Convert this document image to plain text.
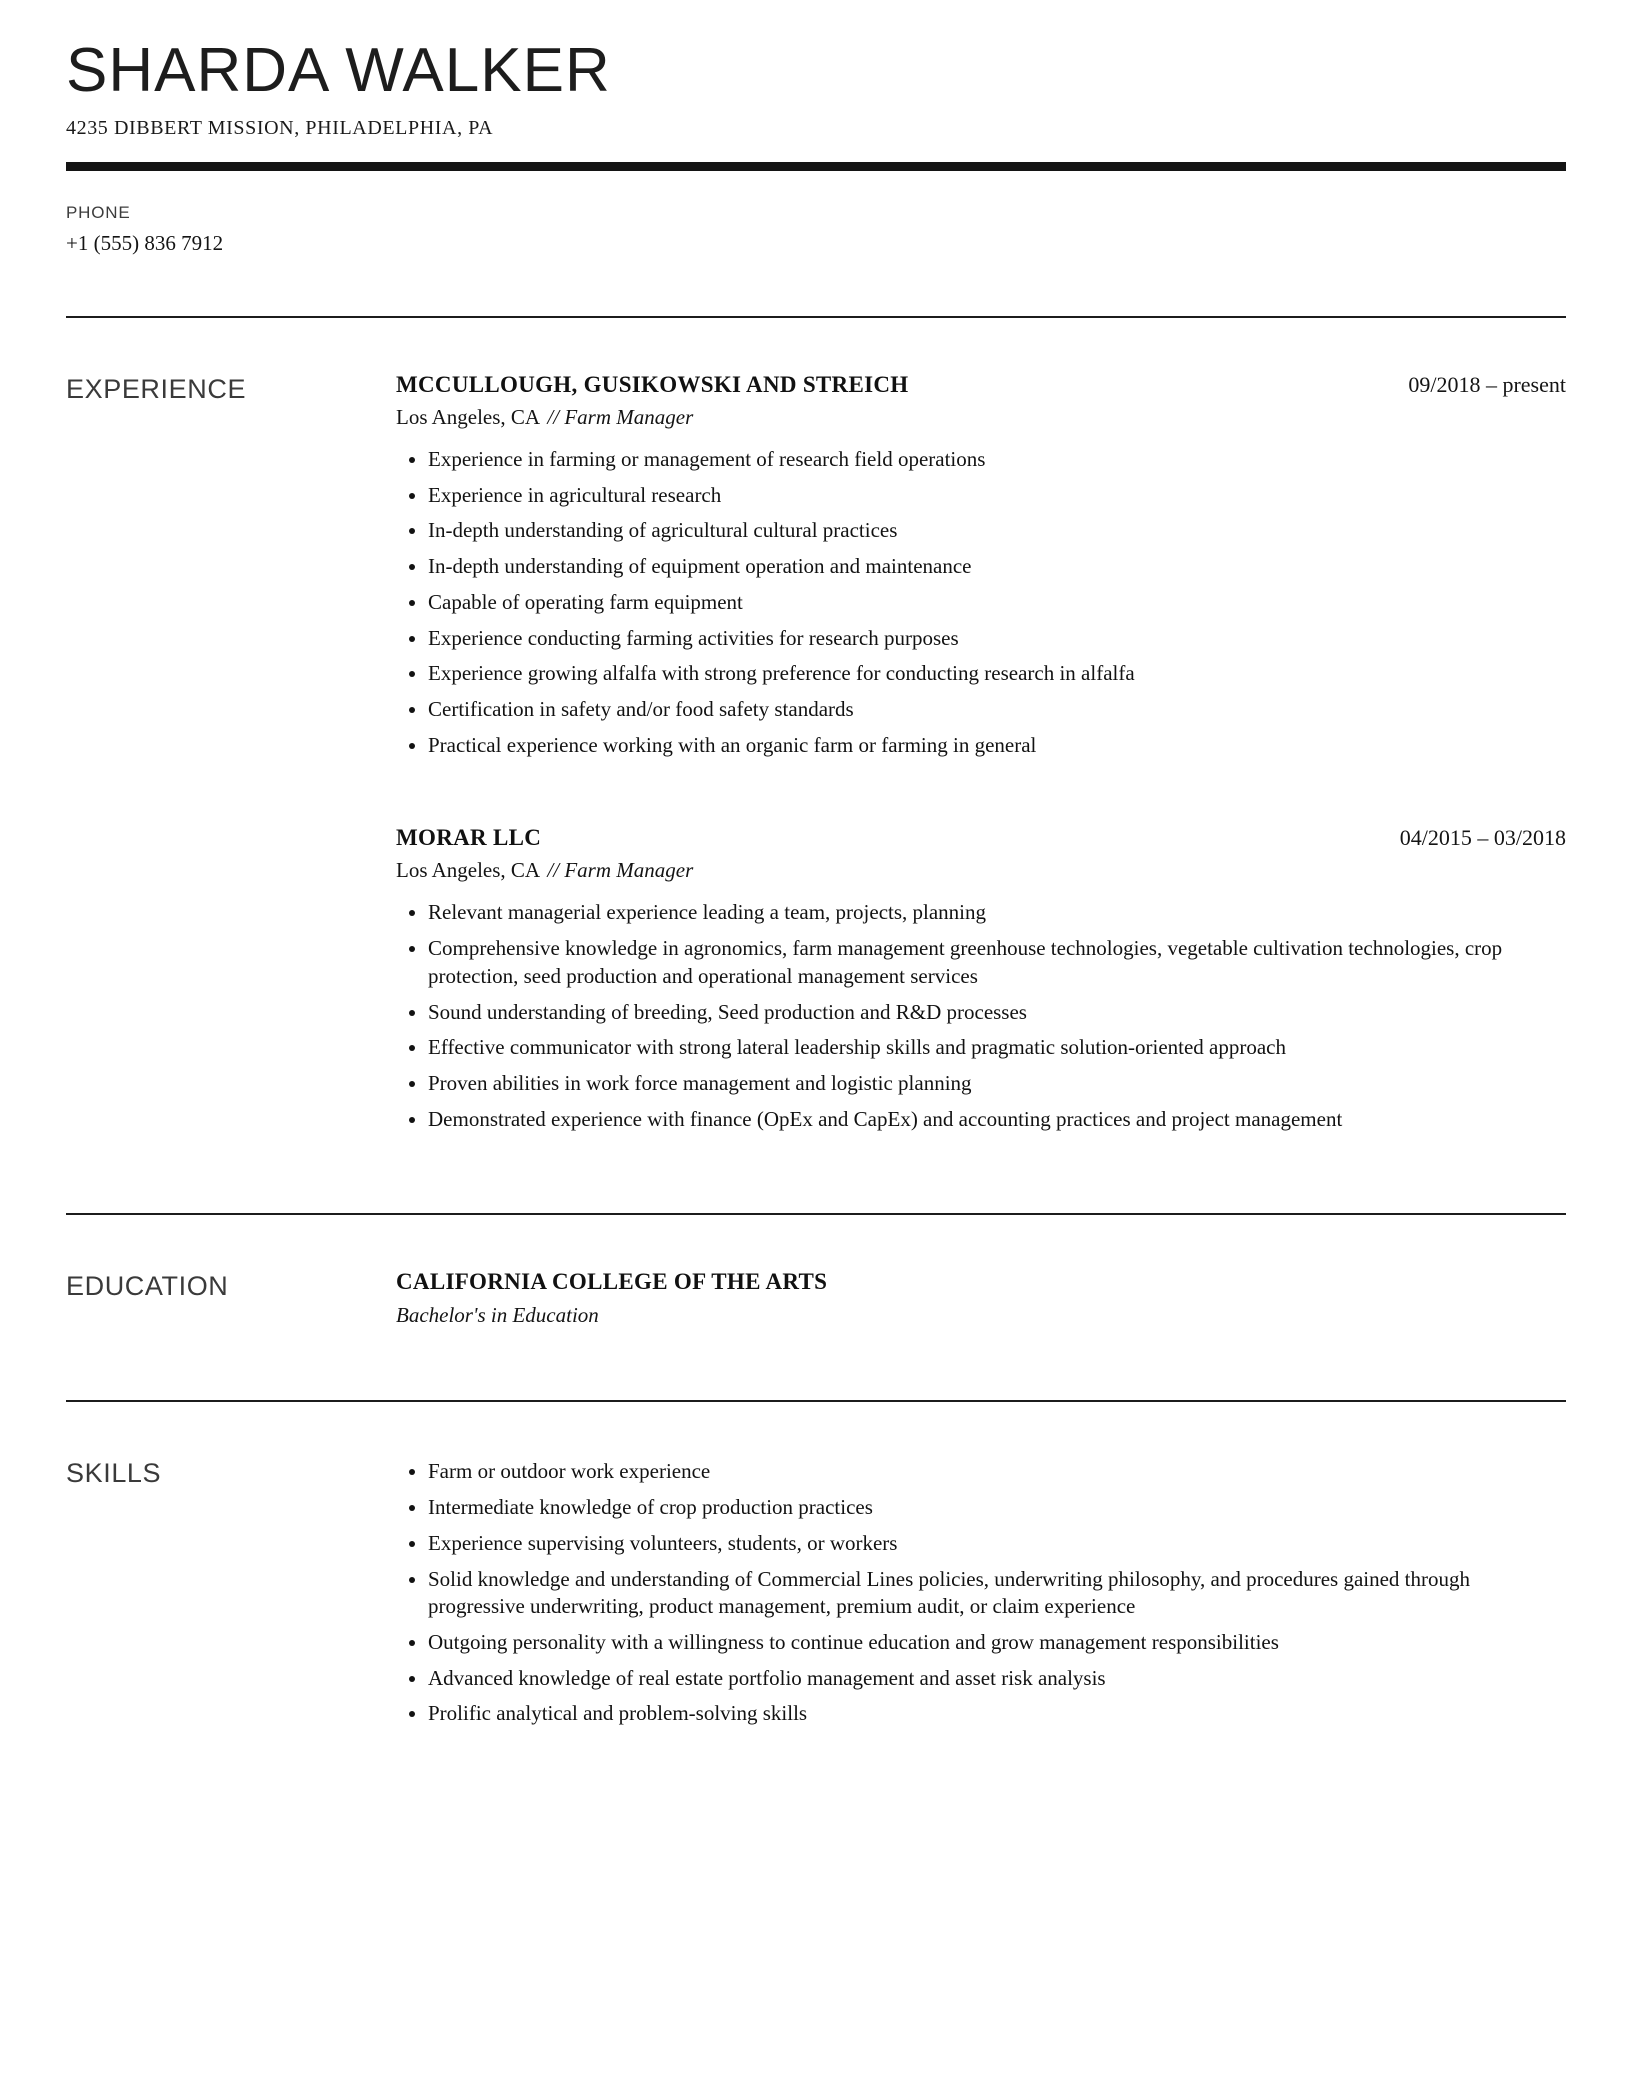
SHARDA WALKER
4235 DIBBERT MISSION, PHILADELPHIA, PA
PHONE
+1 (555) 836 7912
EXPERIENCE	MCCULLOUGH, GUSIKOWSKI AND STREICH	09/2018 – present
Los Angeles, CA // Farm Manager
• Experience in farming or management of research field operations
• Experience in agricultural research
• In-depth understanding of agricultural cultural practices
• In-depth understanding of equipment operation and maintenance
• Capable of operating farm equipment
• Experience conducting farming activities for research purposes
• Experience growing alfalfa with strong preference for conducting research in alfalfa
• Certification in safety and/or food safety standards
• Practical experience working with an organic farm or farming in general
MORAR LLC	04/2015 – 03/2018
Los Angeles, CA // Farm Manager
• Relevant managerial experience leading a team, projects, planning
• Comprehensive knowledge in agronomics, farm management greenhouse technologies, vegetable cultivation technologies, crop protection, seed production and operational management services
• Sound understanding of breeding, Seed production and R&D processes
• Effective communicator with strong lateral leadership skills and pragmatic solution-oriented approach
• Proven abilities in work force management and logistic planning
• Demonstrated experience with finance (OpEx and CapEx) and accounting practices and project management
EDUCATION	CALIFORNIA COLLEGE OF THE ARTS
Bachelor's in Education
SKILLS	• Farm or outdoor work experience
• Intermediate knowledge of crop production practices
• Experience supervising volunteers, students, or workers
• Solid knowledge and understanding of Commercial Lines policies, underwriting philosophy, and procedures gained through progressive underwriting, product management, premium audit, or claim experience
• Outgoing personality with a willingness to continue education and grow management responsibilities
• Advanced knowledge of real estate portfolio management and asset risk analysis
• Prolific analytical and problem-solving skills
